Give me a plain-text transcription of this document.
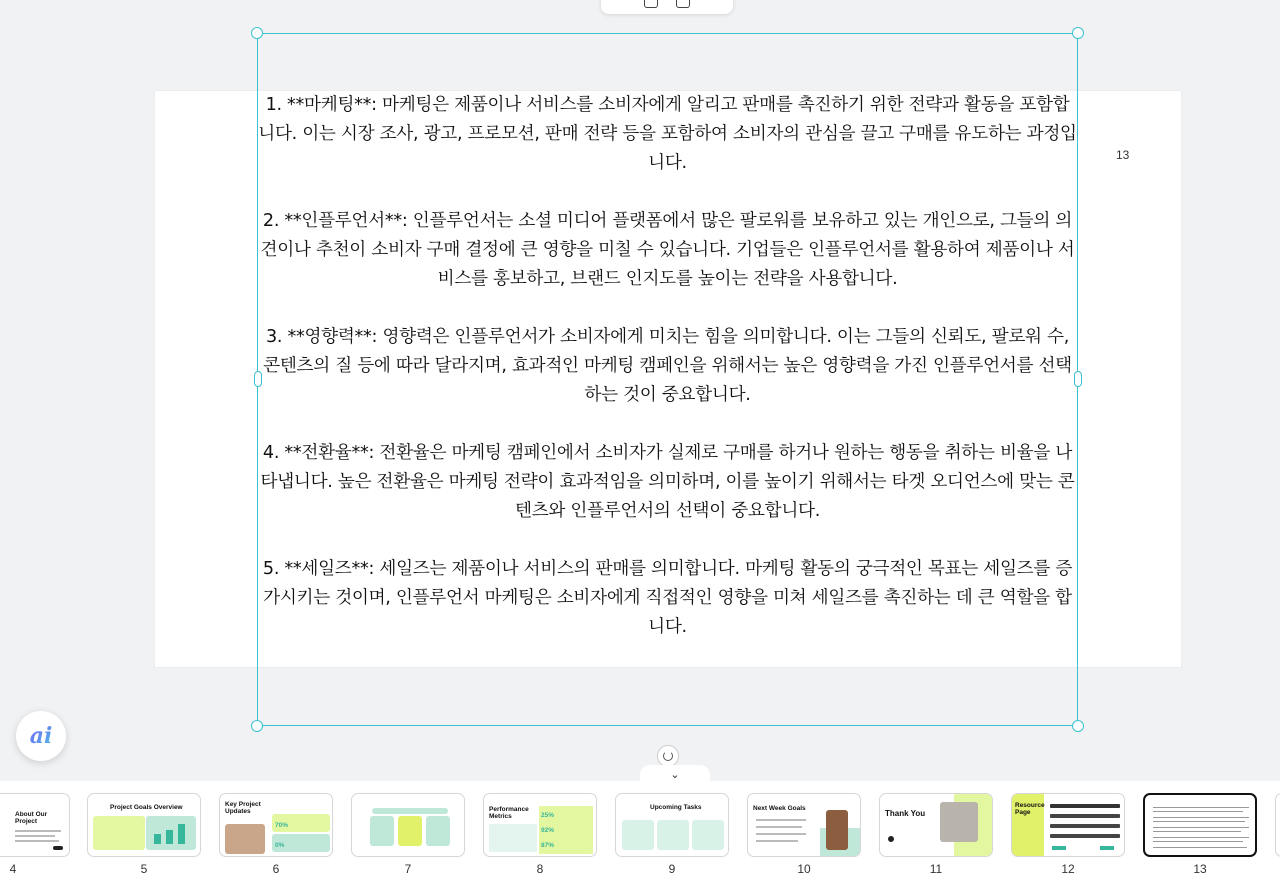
13

1. **마케팅**: 마케팅은 제품이나 서비스를 소비자에게 알리고 판매를 촉진하기 위한 전략과 활동을 포함합니다. 이는 시장 조사, 광고, 프로모션, 판매 전략 등을 포함하여 소비자의 관심을 끌고 구매를 유도하는 과정입니다.

2. **인플루언서**: 인플루언서는 소셜 미디어 플랫폼에서 많은 팔로워를 보유하고 있는 개인으로, 그들의 의견이나 추천이 소비자 구매 결정에 큰 영향을 미칠 수 있습니다. 기업들은 인플루언서를 활용하여 제품이나 서비스를 홍보하고, 브랜드 인지도를 높이는 전략을 사용합니다.

3. **영향력**: 영향력은 인플루언서가 소비자에게 미치는 힘을 의미합니다. 이는 그들의 신뢰도, 팔로워 수, 콘텐츠의 질 등에 따라 달라지며, 효과적인 마케팅 캠페인을 위해서는 높은 영향력을 가진 인플루언서를 선택하는 것이 중요합니다.

4. **전환율**: 전환율은 마케팅 캠페인에서 소비자가 실제로 구매를 하거나 원하는 행동을 취하는 비율을 나타냅니다. 높은 전환율은 마케팅 전략이 효과적임을 의미하며, 이를 높이기 위해서는 타겟 오디언스에 맞는 콘텐츠와 인플루언서의 선택이 중요합니다.

5. **세일즈**: 세일즈는 제품이나 서비스의 판매를 의미합니다. 마케팅 활동의 궁극적인 목표는 세일즈를 증가시키는 것이며, 인플루언서 마케팅은 소비자에게 직접적인 영향을 미쳐 세일즈를 촉진하는 데 큰 역할을 합니다.

⌄
ai
About Our Project
4
Project Goals Overview
5
Key Project Updates
70%
0%
6	7
Performance Metrics	25%
92%
87%
8
Upcoming Tasks
9
Next Week Goals
10
Thank You
11
Resource Page
12	13
